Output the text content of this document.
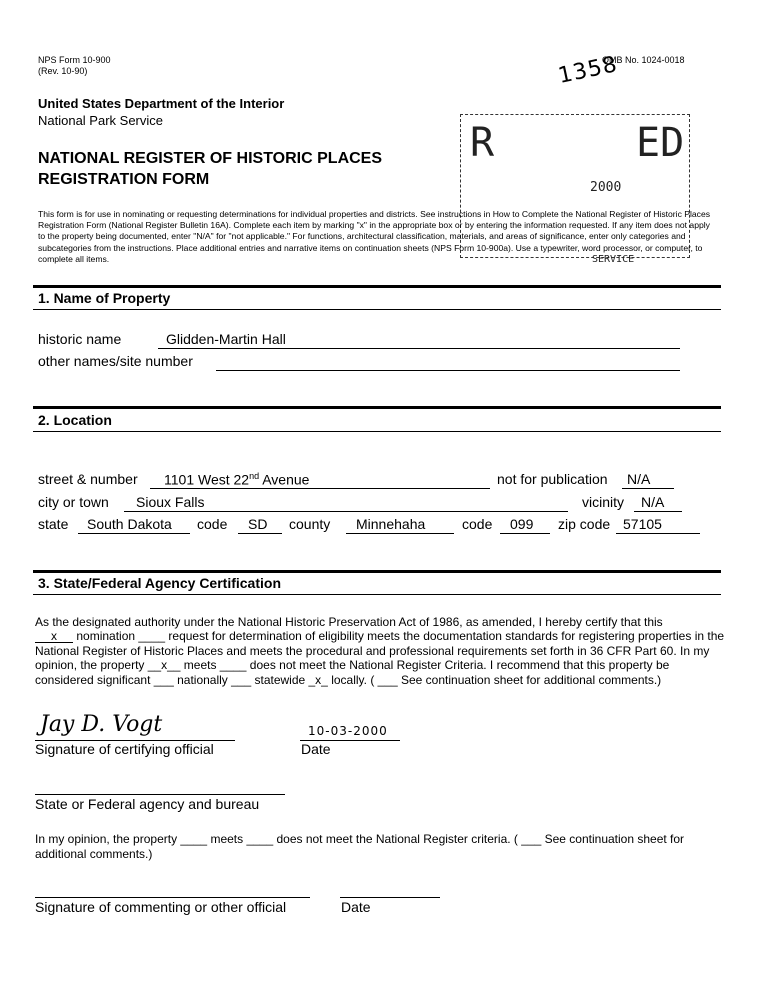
NPS Form 10-900
(Rev. 10-90)
OMB No. 1024-0018
1358
United States Department of the Interior
National Park Service
NATIONAL REGISTER OF HISTORIC PLACES
REGISTRATION FORM
R	ED
2000
This form is for use in nominating or requesting determinations for individual properties and districts. See instructions in How to Complete the National Register of Historic Places Registration Form (National Register Bulletin 16A). Complete each item by marking "x" in the appropriate box or by entering the information requested. If any item does not apply to the property being documented, enter "N/A" for "not applicable." For functions, architectural classification, materials, and areas of significance, enter only categories and subcategories from the instructions. Place additional entries and narrative items on continuation sheets (NPS Form 10-900a). Use a typewriter, word processor, or computer, to complete all items.	SERVICE
1. Name of Property
historic name	Glidden-Martin Hall
other names/site number
2. Location
street & number 1101 West 22nd Avenue	not for publication N/A
city or town Sioux Falls	vicinity N/A
state South Dakota code SD county Minnehaha	code 099 zip code 57105
3. State/Federal Agency Certification
As the designated authority under the National Historic Preservation Act of 1986, as amended, I hereby certify that this
x nomination ____ request for determination of eligibility meets the documentation standards for registering properties in the National Register of Historic Places and meets the procedural and professional requirements set forth in 36 CFR Part 60. In my opinion, the property __x__ meets ____ does not meet the National Register Criteria. I recommend that this property be considered significant ___ nationally ___ statewide _x_ locally. ( ___ See continuation sheet for additional comments.)
Jay D. Vogt
Signature of certifying official
10-03-2000
Date
State or Federal agency and bureau
In my opinion, the property ____ meets ____ does not meet the National Register criteria. ( ___ See continuation sheet for additional comments.)
Signature of commenting or other official	Date
